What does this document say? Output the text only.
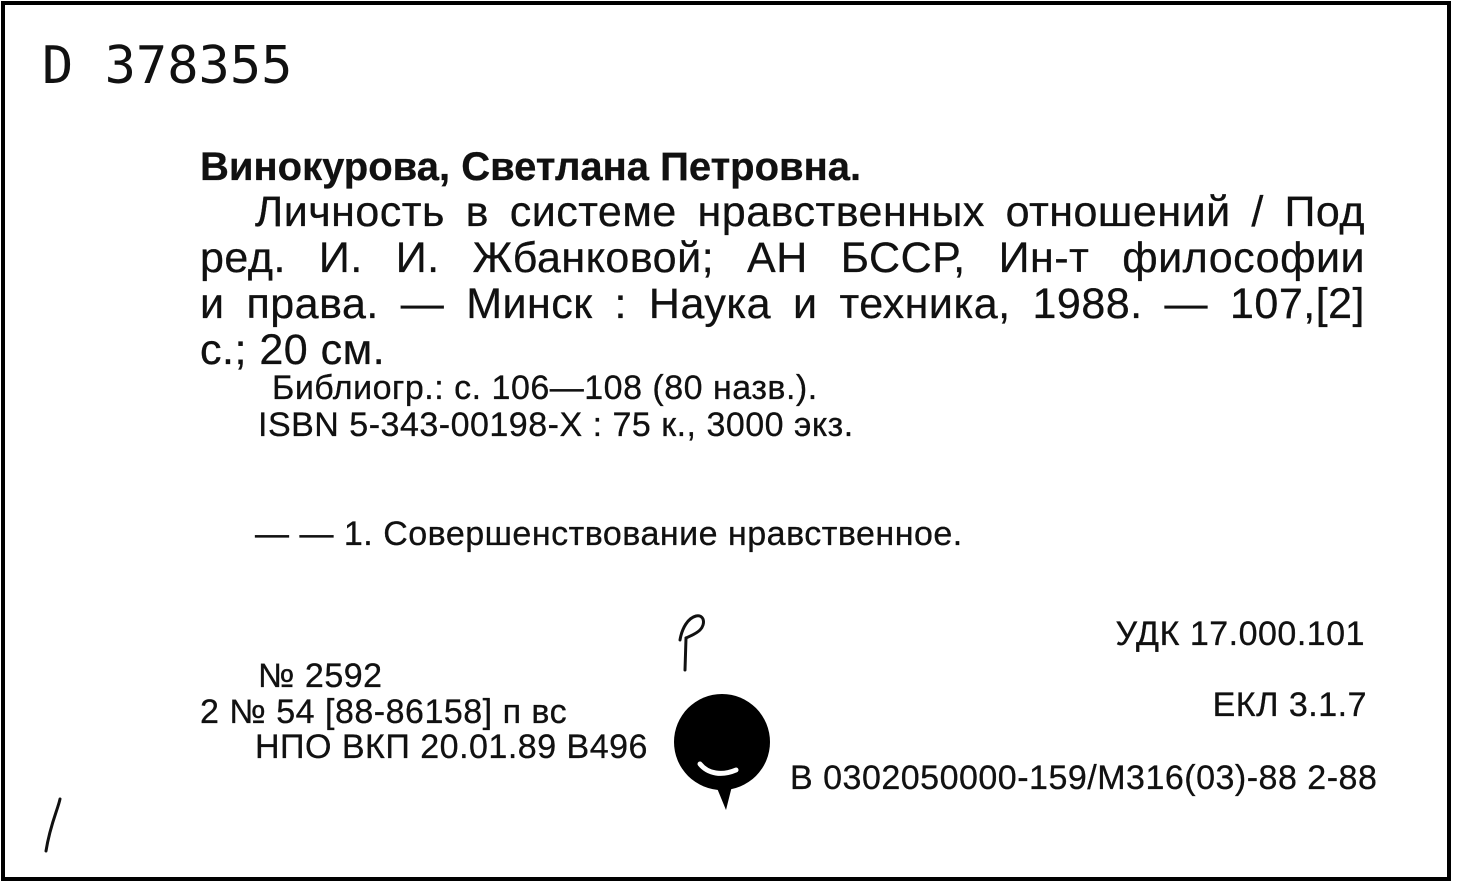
D 378355
Винокурова, Светлана Петровна.
Личность в системе нравственных отношений / Под
ред. И. И. Жбанковой; АН БССР, Ин-т философии
и права. — Минск : Наука и техника, 1988. — 107,[2]
с.; 20 см.
Библиогр.: с. 106—108 (80 назв.).
ISBN 5-343-00198-X : 75 к., 3000 экз.
— — 1. Совершенствование нравственное.
УДК 17.000.101
ЕКЛ 3.1.7
№ 2592
2 № 54 [88-86158] п вс
НПО ВКП 20.01.89 В496
В 0302050000-159/М316(03)-88 2-88
